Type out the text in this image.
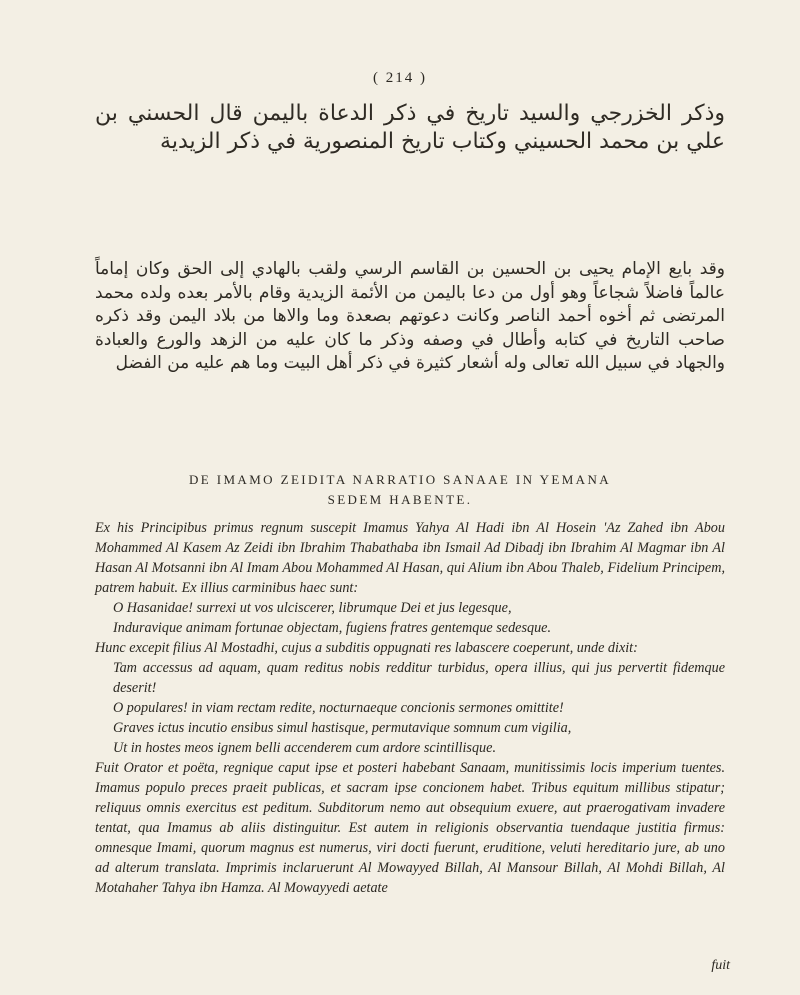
( 214 )
وذكر الخزرجي والسيد تاريخ في ذكر الدعاة باليمن قال الحسني بن علي بن محمد الحسيني وكتاب تاريخ المنصورية في ذكر الزيدية
وقد بايع الإمام يحيى بن الحسين بن القاسم الرسي ولقب بالهادي إلى الحق وكان إماماً عالماً فاضلاً شجاعاً وهو أول من دعا باليمن من الأئمة الزيدية وقام بالأمر بعده ولده محمد المرتضى ثم أخوه أحمد الناصر وكانت دعوتهم بصعدة وما والاها من بلاد اليمن وقد ذكره صاحب التاريخ في كتابه وأطال في وصفه وذكر ما كان عليه من الزهد والورع والعبادة والجهاد في سبيل الله تعالى وله أشعار كثيرة في ذكر أهل البيت وما هم عليه من الفضل
DE IMAMO ZEIDITA NARRATIO SANAAE IN YEMANA
SEDEM HABENTE.

Ex his Principibus primus regnum suscepit Imamus Yahya Al Hadi ibn Al Hosein 'Az Zahed ibn Abou Mohammed Al Kasem Az Zeidi ibn Ibrahim Thabathaba ibn Ismail Ad Dibadj ibn Ibrahim Al Magmar ibn Al Hasan Al Motsanni ibn Al Imam Abou Mohammed Al Hasan, qui Alium ibn Abou Thaleb, Fidelium Principem, patrem habuit. Ex illius carminibus haec sunt:

O Hasanidae! surrexi ut vos ulciscerer, librumque Dei et jus legesque,

Induravique animam fortunae objectam, fugiens fratres gentemque sedesque.

Hunc excepit filius Al Mostadhi, cujus a subditis oppugnati res labascere coeperunt, unde dixit:

Tam accessus ad aquam, quam reditus nobis redditur turbidus, opera illius, qui jus pervertit fidemque deserit!

O populares! in viam rectam redite, nocturnaeque concionis sermones omittite!

Graves ictus incutio ensibus simul hastisque, permutavique somnum cum vigilia,

Ut in hostes meos ignem belli accenderem cum ardore scintillisque.

Fuit Orator et poëta, regnique caput ipse et posteri habebant Sanaam, munitissimis locis imperium tuentes. Imamus populo preces praeit publicas, et sacram ipse concionem habet. Tribus equitum millibus stipatur; reliquus omnis exercitus est peditum. Subditorum nemo aut obsequium exuere, aut praerogativam invadere tentat, qua Imamus ab aliis distinguitur. Est autem in religionis observantia tuendaque justitia firmus: omnesque Imami, quorum magnus est numerus, viri docti fuerunt, eruditione, veluti hereditario jure, ab uno ad alterum translata. Imprimis inclaruerunt Al Mowayyed Billah, Al Mansour Billah, Al Mohdi Billah, Al Motahaher Tahya ibn Hamza. Al Mowayyedi aetate

fuit
